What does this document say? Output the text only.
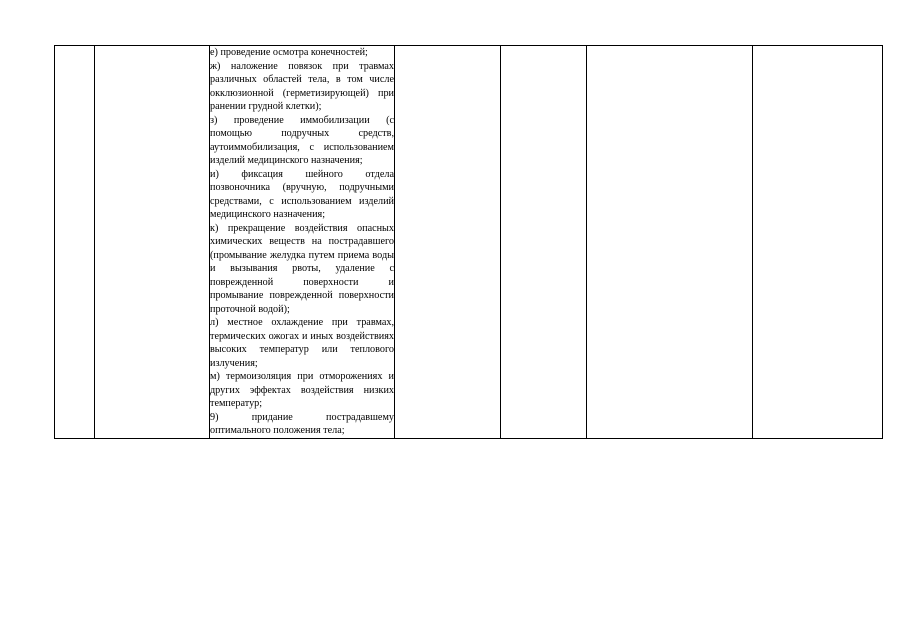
е) проведение осмотра конечностей;

ж) наложение повязок при травмах различных областей тела, в том числе окклюзионной (герметизирующей) при ранении грудной клетки);

з) проведение иммобилизации (с помощью подручных средств, аутоиммобилизация, с использованием изделий медицинского назначения;

и) фиксация шейного отдела позвоночника (вручную, подручными средствами, с использованием изделий медицинского назначения;

к) прекращение воздействия опасных химических веществ на пострадавшего (промывание желудка путем приема воды и вызывания рвоты, удаление с поврежденной поверхности и промывание поврежденной поверхности проточной водой);

л) местное охлаждение при травмах, термических ожогах и иных воздействиях высоких температур или теплового излучения;

м) термоизоляция при отморожениях и других эффектах воздействия низких температур;

9) придание пострадавшему оптимального положения тела;
